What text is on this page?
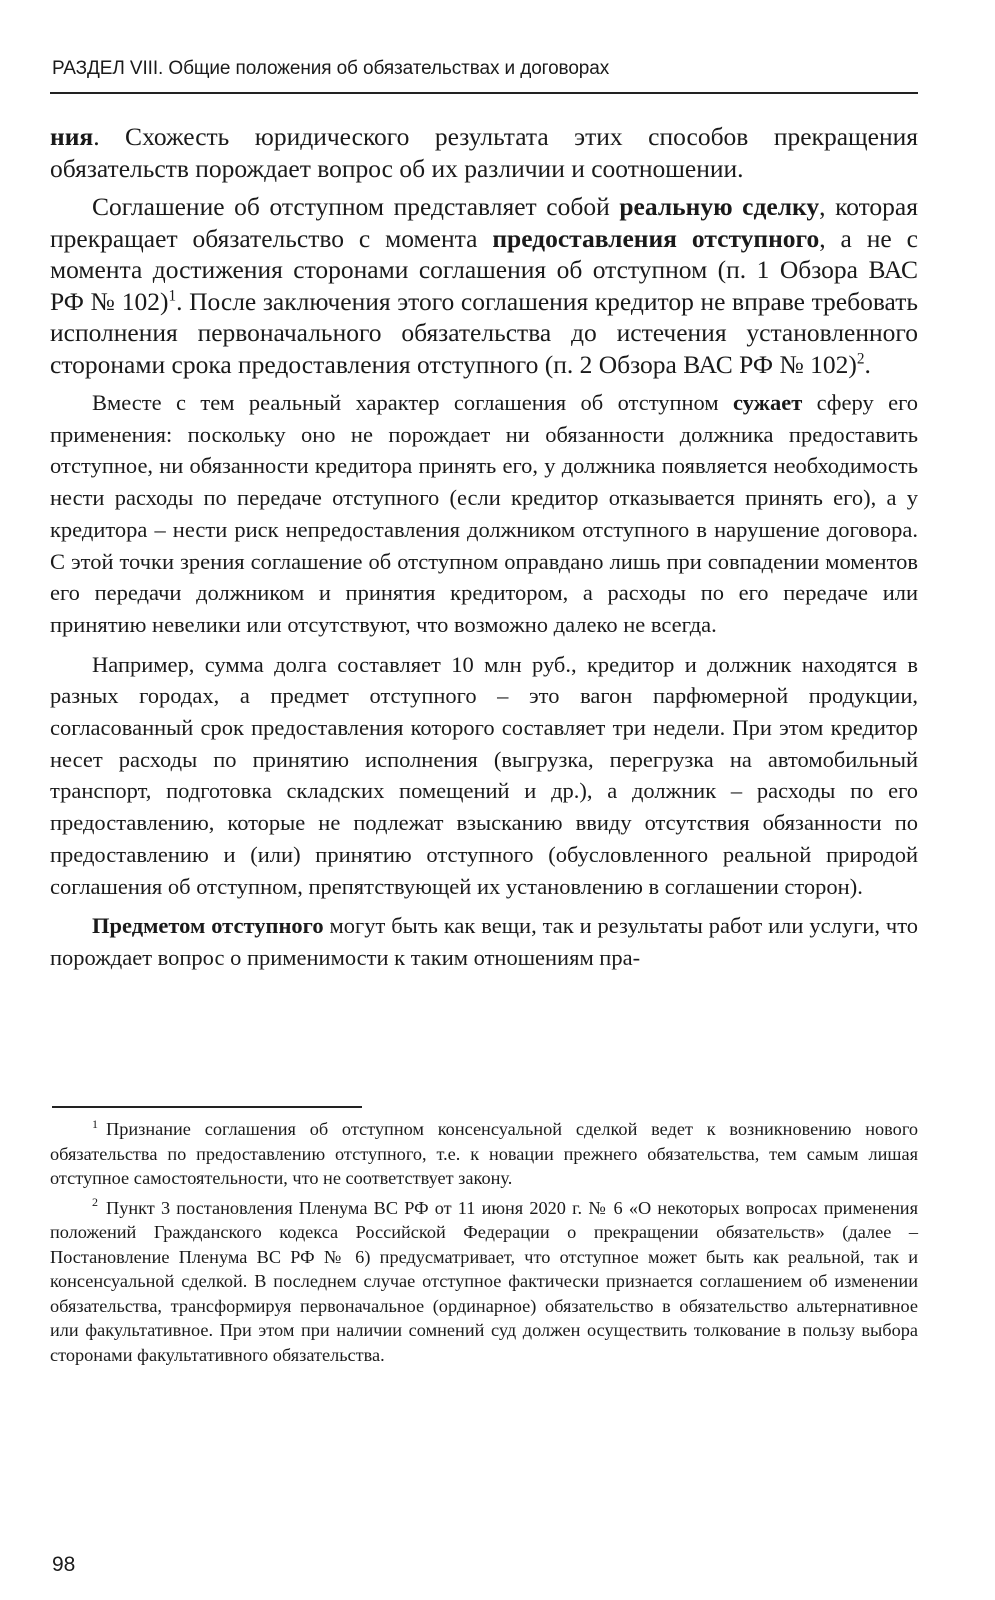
РАЗДЕЛ VIII. Общие положения об обязательствах и договорах

ния. Схожесть юридического результата этих способов прекращения обязательств порождает вопрос об их различии и соотношении.

Соглашение об отступном представляет собой реальную сделку, которая прекращает обязательство с момента предоставления отступного, а не с момента достижения сторонами соглашения об отступном (п. 1 Обзора ВАС РФ № 102)$^1$. После заключения этого соглашения кредитор не вправе требовать исполнения первоначального обязательства до истечения установленного сторонами срока предоставления отступного (п. 2 Обзора ВАС РФ № 102)$^2$.

Вместе с тем реальный характер соглашения об отступном сужает сферу его применения: поскольку оно не порождает ни обязанности должника предоставить отступное, ни обязанности кредитора принять его, у должника появляется необходимость нести расходы по передаче отступного (если кредитор отказывается принять его), а у кредитора – нести риск непредоставления должником отступного в нарушение договора. С этой точки зрения соглашение об отступном оправдано лишь при совпадении моментов его передачи должником и принятия кредитором, а расходы по его передаче или принятию невелики или отсутствуют, что возможно далеко не всегда.

Например, сумма долга составляет 10 млн руб., кредитор и должник находятся в разных городах, а предмет отступного – это вагон парфюмерной продукции, согласованный срок предоставления которого составляет три недели. При этом кредитор несет расходы по принятию исполнения (выгрузка, перегрузка на автомобильный транспорт, подготовка складских помещений и др.), а должник – расходы по его предоставлению, которые не подлежат взысканию ввиду отсутствия обязанности по предоставлению и (или) принятию отступного (обусловленного реальной природой соглашения об отступном, препятствующей их установлению в соглашении сторон).

Предметом отступного могут быть как вещи, так и результаты работ или услуги, что порождает вопрос о применимости к таким отношениям пра-

$^1$ Признание соглашения об отступном консенсуальной сделкой ведет к возникновению нового обязательства по предоставлению отступного, т.е. к новации прежнего обязательства, тем самым лишая отступное самостоятельности, что не соответствует закону.

$^2$ Пункт 3 постановления Пленума ВС РФ от 11 июня 2020 г. № 6 «О некоторых вопросах применения положений Гражданского кодекса Российской Федерации о прекращении обязательств» (далее – Постановление Пленума ВС РФ № 6) предусматривает, что отступное может быть как реальной, так и консенсуальной сделкой. В последнем случае отступное фактически признается соглашением об изменении обязательства, трансформируя первоначальное (ординарное) обязательство в обязательство альтернативное или факультативное. При этом при наличии сомнений суд должен осуществить толкование в пользу выбора сторонами факультативного обязательства.

98
